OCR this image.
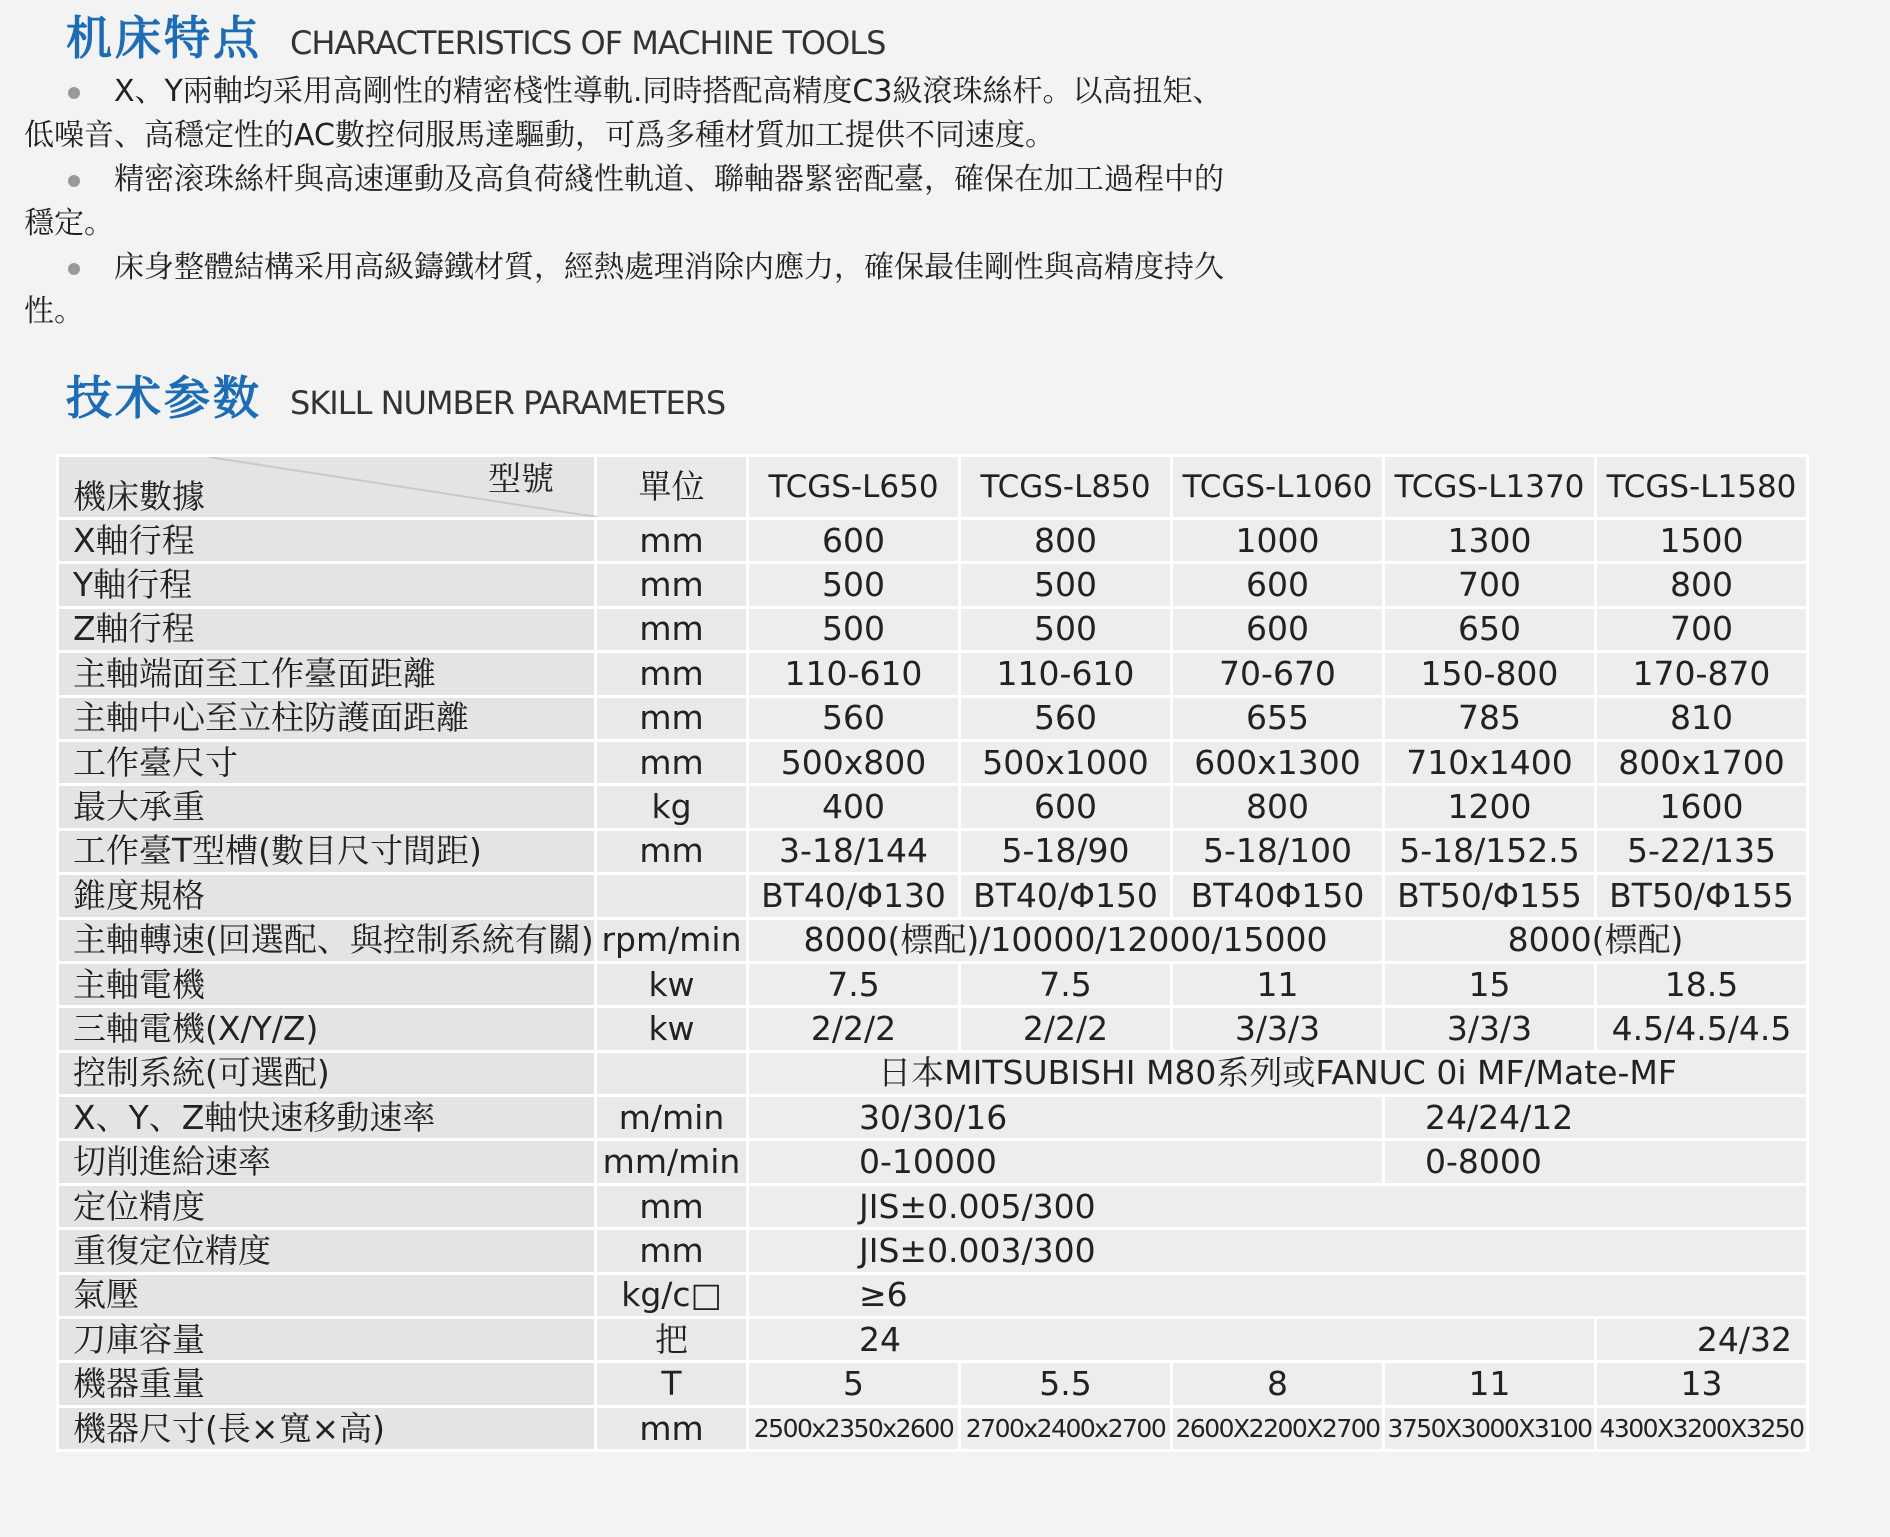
机床特点 CHARACTERISTICS OF MACHINE TOOLS

X、Y兩軸均采用高剛性的精密棧性導軌.同時搭配高精度C3級滾珠絲杆。以高扭矩、

低噪音、高穩定性的AC數控伺服馬達驅動，可爲多種材質加工提供不同速度。

精密滚珠絲杆與高速運動及高負荷綫性軌道、聯軸器緊密配臺，確保在加工過程中的

穩定。

床身整體結構采用高級鑄鐵材質，經熱處理消除内應力，確保最佳剛性與高精度持久

性。

技术参数 SKILL NUMBER PARAMETERS
機床數據 型號	單位	TCGS-L650	TCGS-L850	TCGS-L1060	TCGS-L1370	TCGS-L1580
X軸行程	mm	600	800	1000	1300	1500
Y軸行程	mm	500	500	600	700	800
Z軸行程	mm	500	500	600	650	700
主軸端面至工作臺面距離	mm	110-610	110-610	70-670	150-800	170-870
主軸中心至立柱防護面距離	mm	560	560	655	785	810
工作臺尺寸	mm	500x800	500x1000	600x1300	710x1400	800x1700
最大承重	kg	400	600	800	1200	1600
工作臺T型槽(數目尺寸間距)	mm	3-18/144	5-18/90	5-18/100	5-18/152.5	5-22/135
錐度規格		BT40/Φ130	BT40/Φ150	BT40Φ150	BT50/Φ155	BT50/Φ155
主軸轉速(回選配、與控制系統有關)	rpm/min	8000(標配)/10000/12000/15000			8000(標配)	
主軸電機	kw	7.5	7.5	11	15	18.5
三軸電機(X/Y/Z)	kw	2/2/2	2/2/2	3/3/3	3/3/3	4.5/4.5/4.5
控制系統(可選配)		日本MITSUBISHI M80系列或FANUC 0i MF/Mate-MF				
X、Y、Z軸快速移動速率	m/min	30/30/16			24/24/12	
切削進給速率	mm/min	0-10000			0-8000	
定位精度	mm	JIS±0.005/300				
重復定位精度	mm	JIS±0.003/300				
氣壓	kg/c□	≥6				
刀庫容量	把	24				24/32
機器重量	T	5	5.5	8	11	13
機器尺寸(長×寬×高)	mm	2500x2350x2600	2700x2400x2700	2600X2200X2700	3750X3000X3100	4300X3200X3250
